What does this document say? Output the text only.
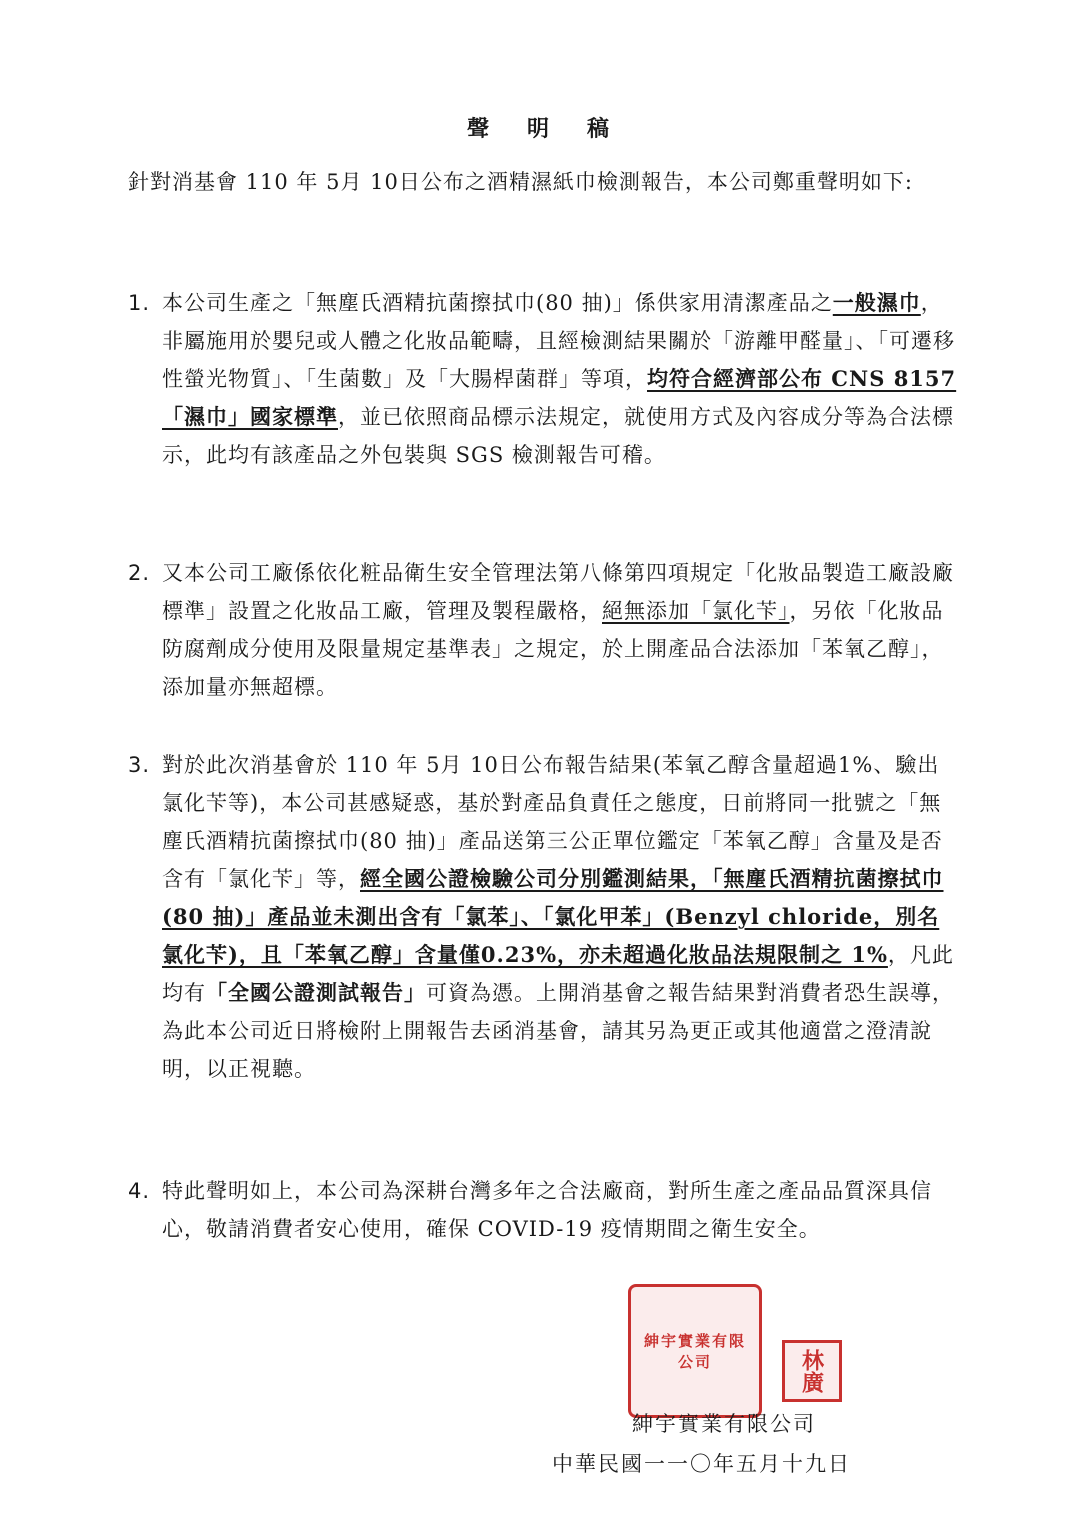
聲明稿
針對消基會 110 年 5月 10日公布之酒精濕紙巾檢測報告，本公司鄭重聲明如下:
1. 本公司生產之「無塵氏酒精抗菌擦拭巾(80 抽)」係供家用清潔產品之一般濕巾，非屬施用於嬰兒或人體之化妝品範疇，且經檢測結果關於「游離甲醛量」、「可遷移性螢光物質」、「生菌數」及「大腸桿菌群」等項，均符合經濟部公布 CNS 8157「濕巾」國家標準，並已依照商品標示法規定，就使用方式及內容成分等為合法標示，此均有該產品之外包裝與 SGS 檢測報告可稽。
2. 又本公司工廠係依化粧品衛生安全管理法第八條第四項規定「化妝品製造工廠設廠標準」設置之化妝品工廠，管理及製程嚴格，絕無添加「氯化苄」，另依「化妝品防腐劑成分使用及限量規定基準表」之規定，於上開產品合法添加「苯氧乙醇」，添加量亦無超標。
3. 對於此次消基會於 110 年 5月 10日公布報告結果(苯氧乙醇含量超過1%、驗出氯化苄等)，本公司甚感疑惑，基於對產品負責任之態度，日前將同一批號之「無塵氏酒精抗菌擦拭巾(80 抽)」產品送第三公正單位鑑定「苯氧乙醇」含量及是否含有「氯化苄」等，經全國公證檢驗公司分別鑑測結果，「無塵氏酒精抗菌擦拭巾(80 抽)」產品並未測出含有「氯苯」、「氯化甲苯」(Benzyl chloride，別名氯化苄)，且「苯氧乙醇」含量僅0.23%，亦未超過化妝品法規限制之 1%，凡此均有「全國公證測試報告」可資為憑。上開消基會之報告結果對消費者恐生誤導，為此本公司近日將檢附上開報告去函消基會，請其另為更正或其他適當之澄清說明，以正視聽。
4. 特此聲明如上，本公司為深耕台灣多年之合法廠商，對所生產之產品品質深具信心，敬請消費者安心使用，確保 COVID-19 疫情期間之衛生安全。
紳宇實業有限公司	林廣
紳宇實業有限公司
中華民國一一〇年五月十九日
